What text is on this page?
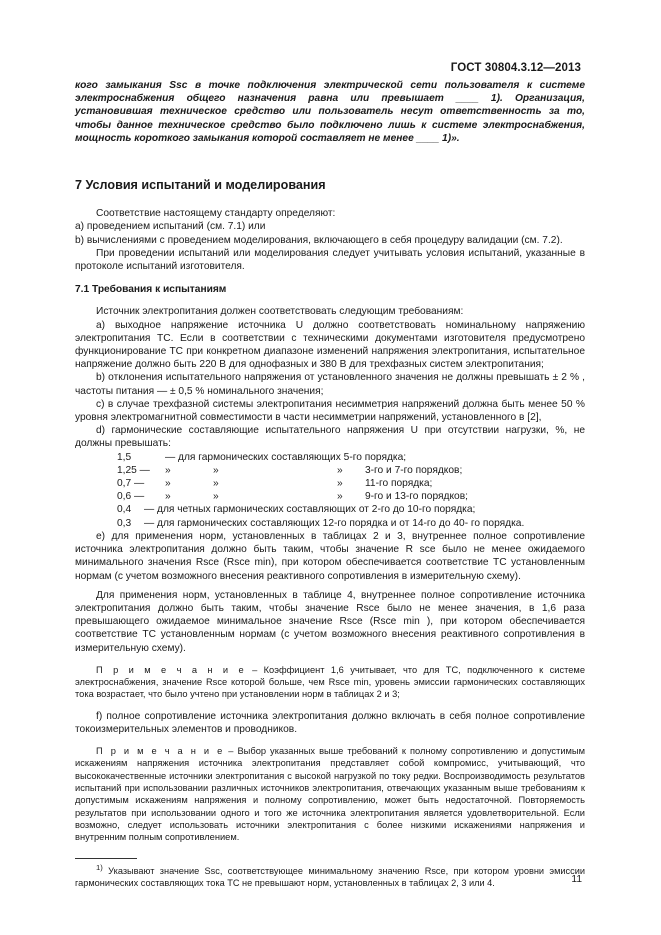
ГОСТ 30804.3.12—2013

кого замыкания Ssc в точке подключения электрической сети пользователя к системе электроснабжения общего назначения равна или превышает ____ 1). Организация, установившая техническое средство или пользователь несут ответственность за то, чтобы данное техническое средство было подключено лишь к системе электроснабжения, мощность короткого замыкания которой составляет не менее ____ 1)».

7 Условия испытаний и моделирования

Соответствие настоящему стандарту определяют:

а) проведением испытаний (см. 7.1) или

b) вычислениями с проведением моделирования, включающего в себя процедуру валидации (см. 7.2).

При проведении испытаний или моделирования следует учитывать условия испытаний, указанные в протоколе испытаний изготовителя.

7.1 Требования к испытаниям

Источник электропитания должен соответствовать следующим требованиям:

а) выходное напряжение источника U должно соответствовать номинальному напряжению электропитания ТС. Если в соответствии с техническими документами изготовителя предусмотрено функционирование ТС при конкретном диапазоне изменений напряжения электропитания, испытательное напряжение должно быть 220 В для однофазных и 380 В для трехфазных систем электропитания;

b) отклонения испытательного напряжения от установленного значения не должны превышать ± 2 % , частоты питания — ± 0,5 % номинального значения;

c) в случае трехфазной системы электропитания несимметрия напряжений должна быть менее 50 % уровня электромагнитной совместимости в части несимметрии напряжений, установленного в [2],

d) гармонические составляющие испытательного напряжения U при отсутствии нагрузки, %, не должны превышать:

1,5	— для гармонических составляющих 5-го порядка;
1,25 —	»	»	»	3-го и 7-го порядков;
0,7 —	»	»	»	11-го порядка;
0,6 —	»	»	»	9-го и 13-го порядков;
0,4	— для четных гармонических составляющих от 2-го до 10-го порядка;
0,3	— для гармонических составляющих 12-го порядка и от 14-го до 40- го порядка.

e) для применения норм, установленных в таблицах 2 и 3, внутреннее полное сопротивление источника электропитания должно быть таким, чтобы значение R sce было не менее ожидаемого минимального значения Rsce (Rsce min), при котором обеспечивается соответствие ТС установленным нормам (с учетом возможного внесения реактивного сопротивления в измерительную схему).

Для применения норм, установленных в таблице 4, внутреннее полное сопротивление источника электропитания должно быть таким, чтобы значение Rsce было не менее значения, в 1,6 раза превышающего ожидаемое минимальное значение Rsce (Rsce min ), при котором обеспечивается соответствие ТС установленным нормам (с учетом возможного внесения реактивного сопротивления в измерительную схему).

П р и м е ч а н и е – Коэффициент 1,6 учитывает, что для ТС, подключенного к системе электроснабжения, значение Rsce которой больше, чем Rsce min, уровень эмиссии гармонических составляющих тока возрастает, что было учтено при установлении норм в таблицах 2 и 3;

f) полное сопротивление источника электропитания должно включать в себя полное сопротивление токоизмерительных элементов и проводников.

П р и м е ч а н и е – Выбор указанных выше требований к полному сопротивлению и допустимым искажениям напряжения источника электропитания представляет собой компромисс, учитывающий, что высококачественные источники электропитания с высокой нагрузкой по току редки. Воспроизводимость результатов испытаний при использовании различных источников электропитания, отвечающих указанным выше требованиям к допустимым искажениям напряжения и полному сопротивлению, может быть недостаточной. Повторяемость результатов при использовании одного и того же источника электропитания является удовлетворительной. Если возможно, следует использовать источники электропитания с более низкими искажениями напряжения и внутренним полным сопротивлением.

$^{1)}$ Указывают значение Ssc, соответствующее минимальному значению Rsce, при котором уровни эмиссии гармонических составляющих тока ТС не превышают норм, установленных в таблицах 2, 3 или 4.	11
